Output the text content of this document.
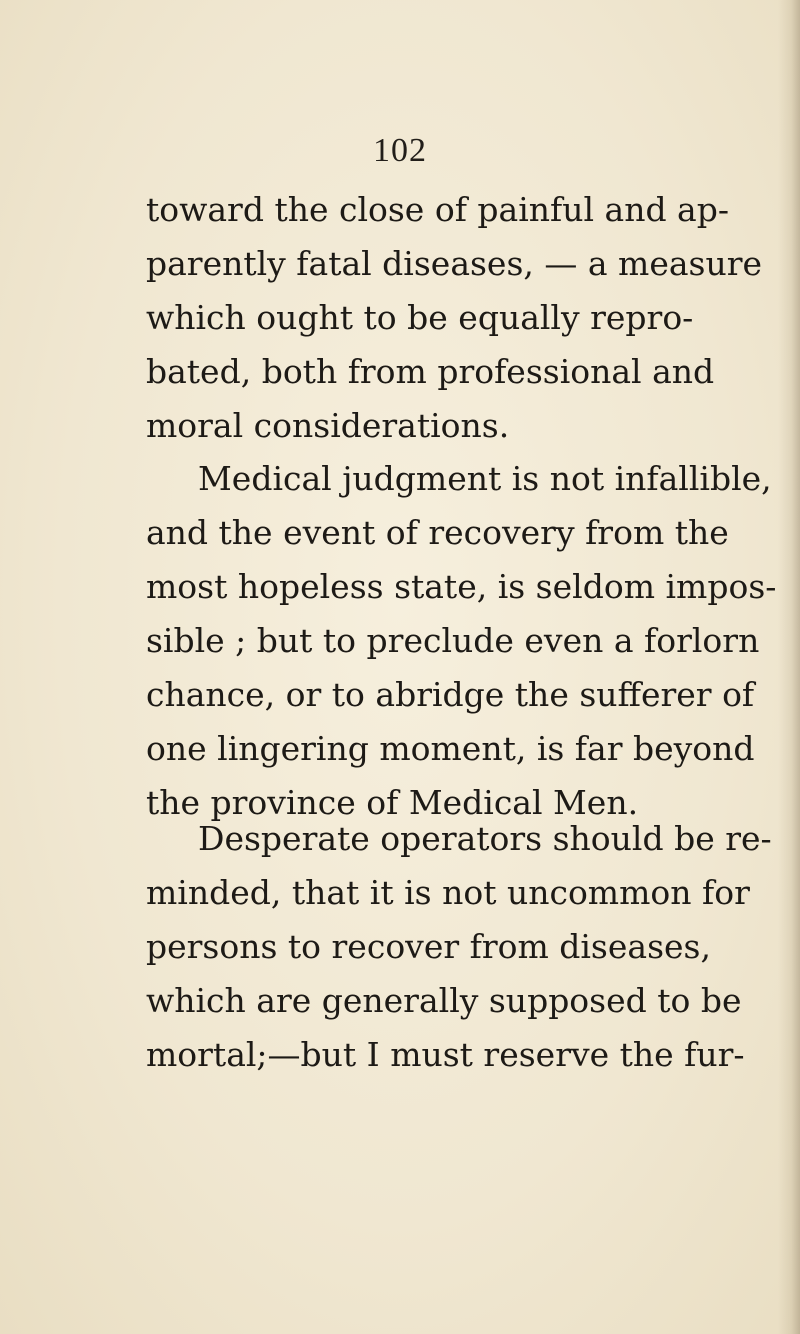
102
toward the close of painful and ap-
parently fatal diseases, — a measure
which ought to be equally repro-
bated, both from professional and
moral considerations.
Medical judgment is not infallible,
and the event of recovery from the
most hopeless state, is seldom impos-
sible ; but to preclude even a forlorn
chance, or to abridge the sufferer of
one lingering moment, is far beyond
the province of Medical Men.
Desperate operators should be re-
minded, that it is not uncommon for
persons to recover from diseases,
which are generally supposed to be
mortal;—but I must reserve the fur-
